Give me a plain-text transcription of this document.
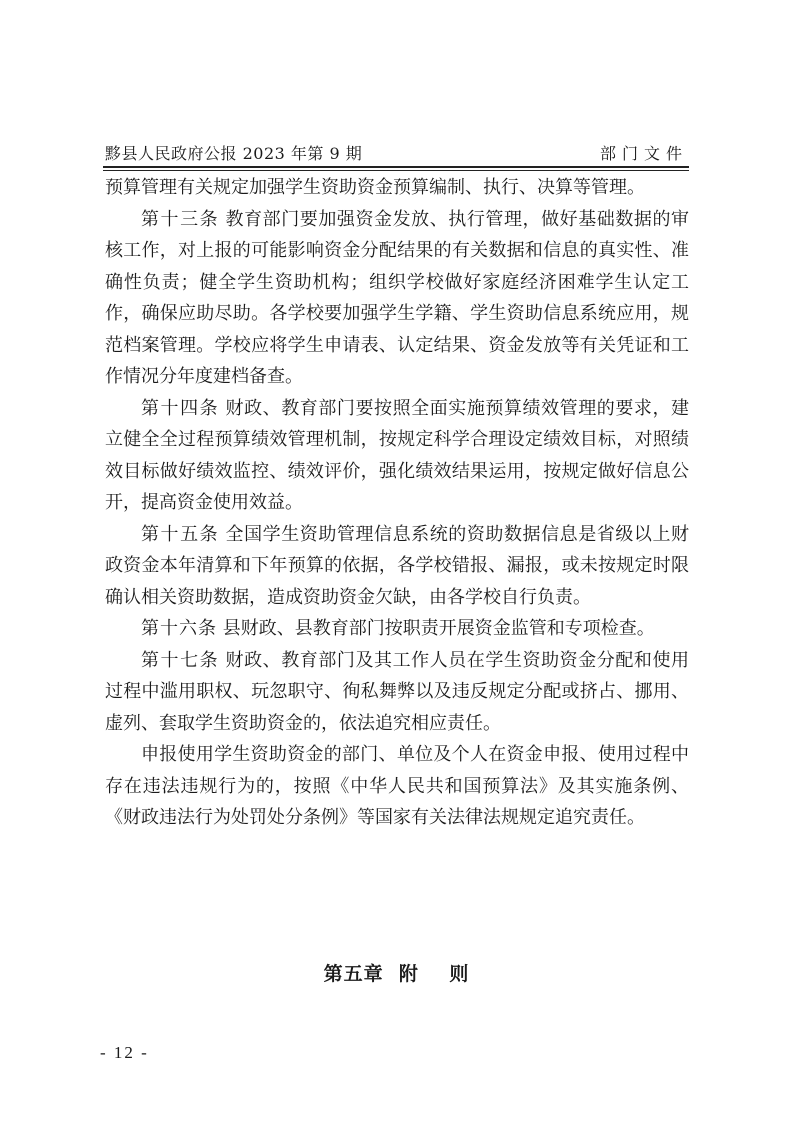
黟县人民政府公报 2023 年第 9 期	部门文件

预算管理有关规定加强学生资助资金预算编制、执行、决算等管理。

第十三条 教育部门要加强资金发放、执行管理，做好基础数据的审核工作，对上报的可能影响资金分配结果的有关数据和信息的真实性、准确性负责；健全学生资助机构；组织学校做好家庭经济困难学生认定工作，确保应助尽助。各学校要加强学生学籍、学生资助信息系统应用，规范档案管理。学校应将学生申请表、认定结果、资金发放等有关凭证和工作情况分年度建档备查。

第十四条 财政、教育部门要按照全面实施预算绩效管理的要求，建立健全全过程预算绩效管理机制，按规定科学合理设定绩效目标，对照绩效目标做好绩效监控、绩效评价，强化绩效结果运用，按规定做好信息公开，提高资金使用效益。

第十五条 全国学生资助管理信息系统的资助数据信息是省级以上财政资金本年清算和下年预算的依据，各学校错报、漏报，或未按规定时限确认相关资助数据，造成资助资金欠缺，由各学校自行负责。

第十六条 县财政、县教育部门按职责开展资金监管和专项检查。

第十七条 财政、教育部门及其工作人员在学生资助资金分配和使用过程中滥用职权、玩忽职守、徇私舞弊以及违反规定分配或挤占、挪用、虚列、套取学生资助资金的，依法追究相应责任。

申报使用学生资助资金的部门、单位及个人在资金申报、使用过程中存在违法违规行为的，按照《中华人民共和国预算法》及其实施条例、《财政违法行为处罚处分条例》等国家有关法律法规规定追究责任。

第五章  附    则
- 12 -
